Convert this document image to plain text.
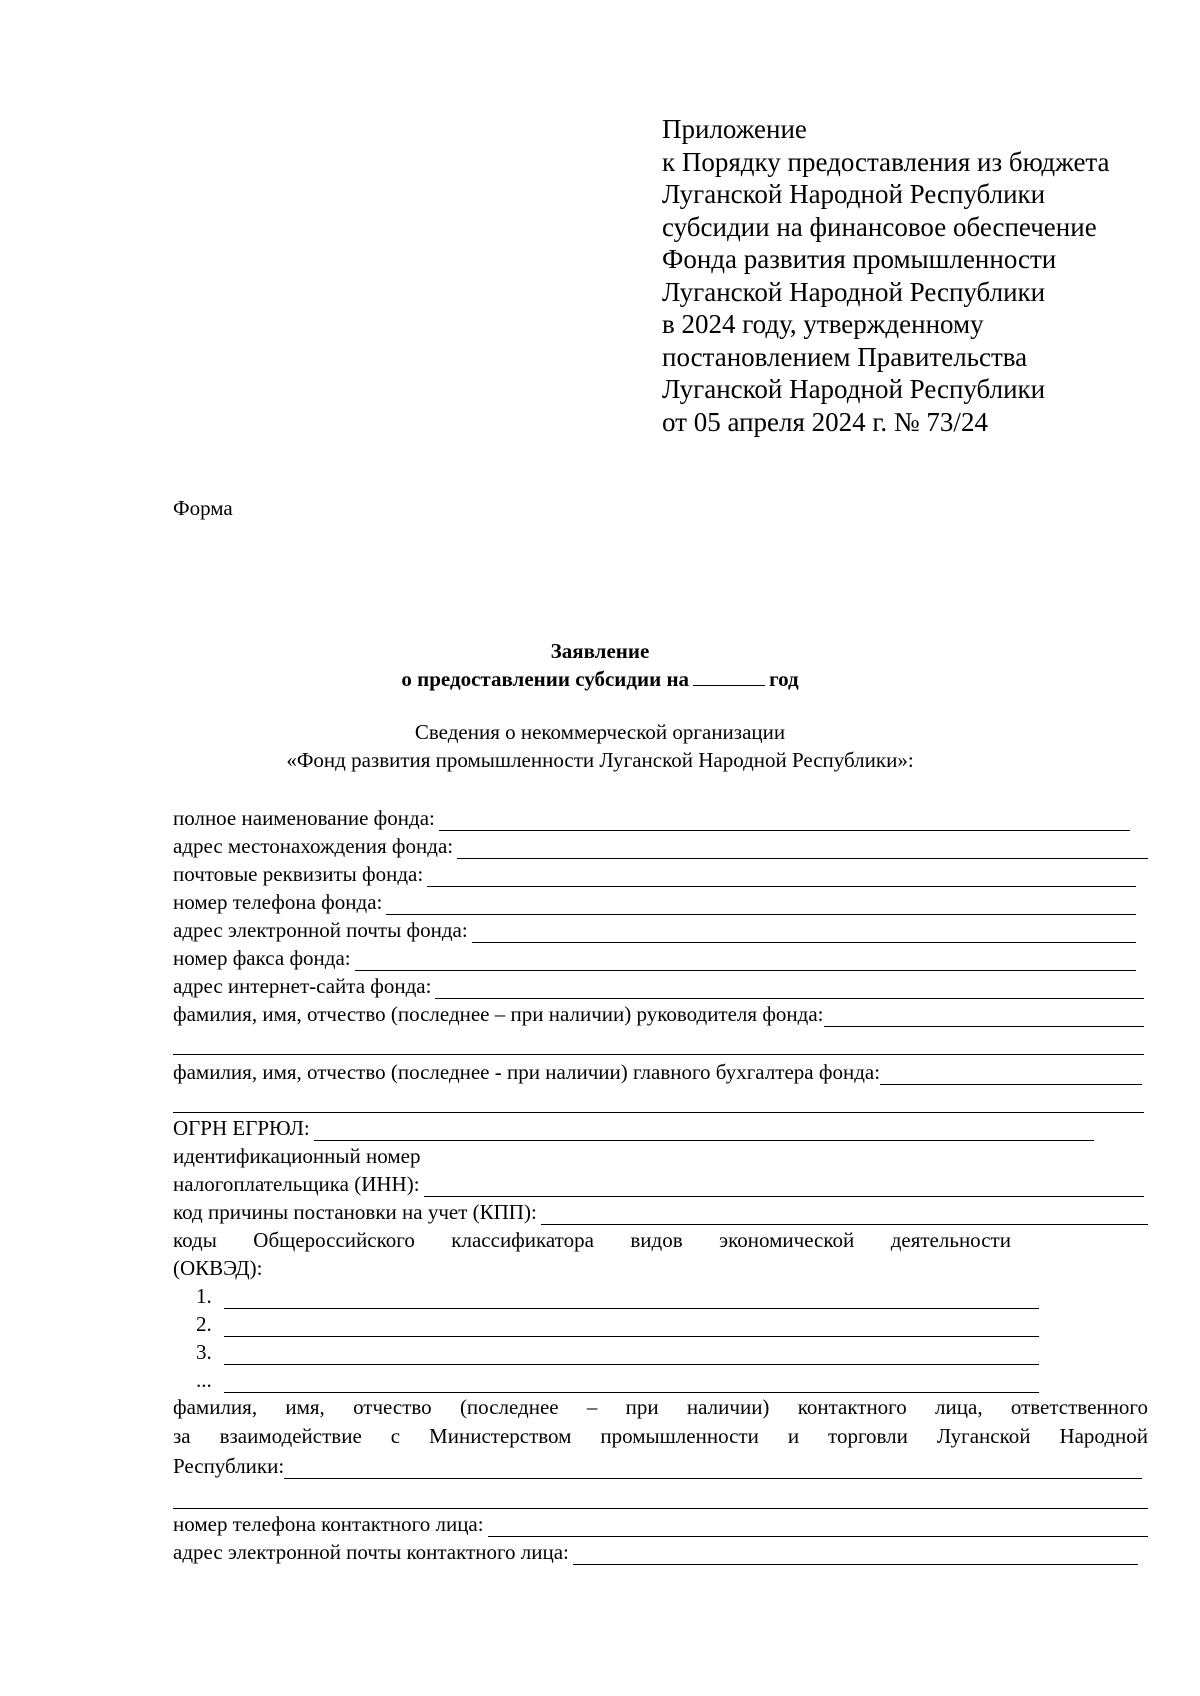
Приложение
к Порядку предоставления из бюджета
Луганской Народной Республики
субсидии на финансовое обеспечение
Фонда развития промышленности
Луганской Народной Республики
в 2024 году, утвержденному
постановлением Правительства
Луганской Народной Республики
от 05 апреля 2024 г. № 73/24
Форма
Заявление
о предоставлении субсидии на	год
Сведения о некоммерческой организации
«Фонд развития промышленности Луганской Народной Республики»:
полное наименование фонда:
адрес местонахождения фонда:
почтовые реквизиты фонда:
номер телефона фонда:
адрес электронной почты фонда:
номер факса фонда:
адрес интернет-сайта фонда:
фамилия, имя, отчество (последнее – при наличии) руководителя фонда:
фамилия, имя, отчество (последнее - при наличии) главного бухгалтера фонда:
ОГРН ЕГРЮЛ:
идентификационный номер
налогоплательщика (ИНН):
код причины постановки на учет (КПП):
коды Общероссийского классификатора видов экономической деятельности
(ОКВЭД):
1.
2.
3.
...
фамилия, имя, отчество (последнее – при наличии) контактного лица, ответственного
за взаимодействие с Министерством промышленности и торговли Луганской Народной
Республики:
номер телефона контактного лица:
адрес электронной почты контактного лица:
